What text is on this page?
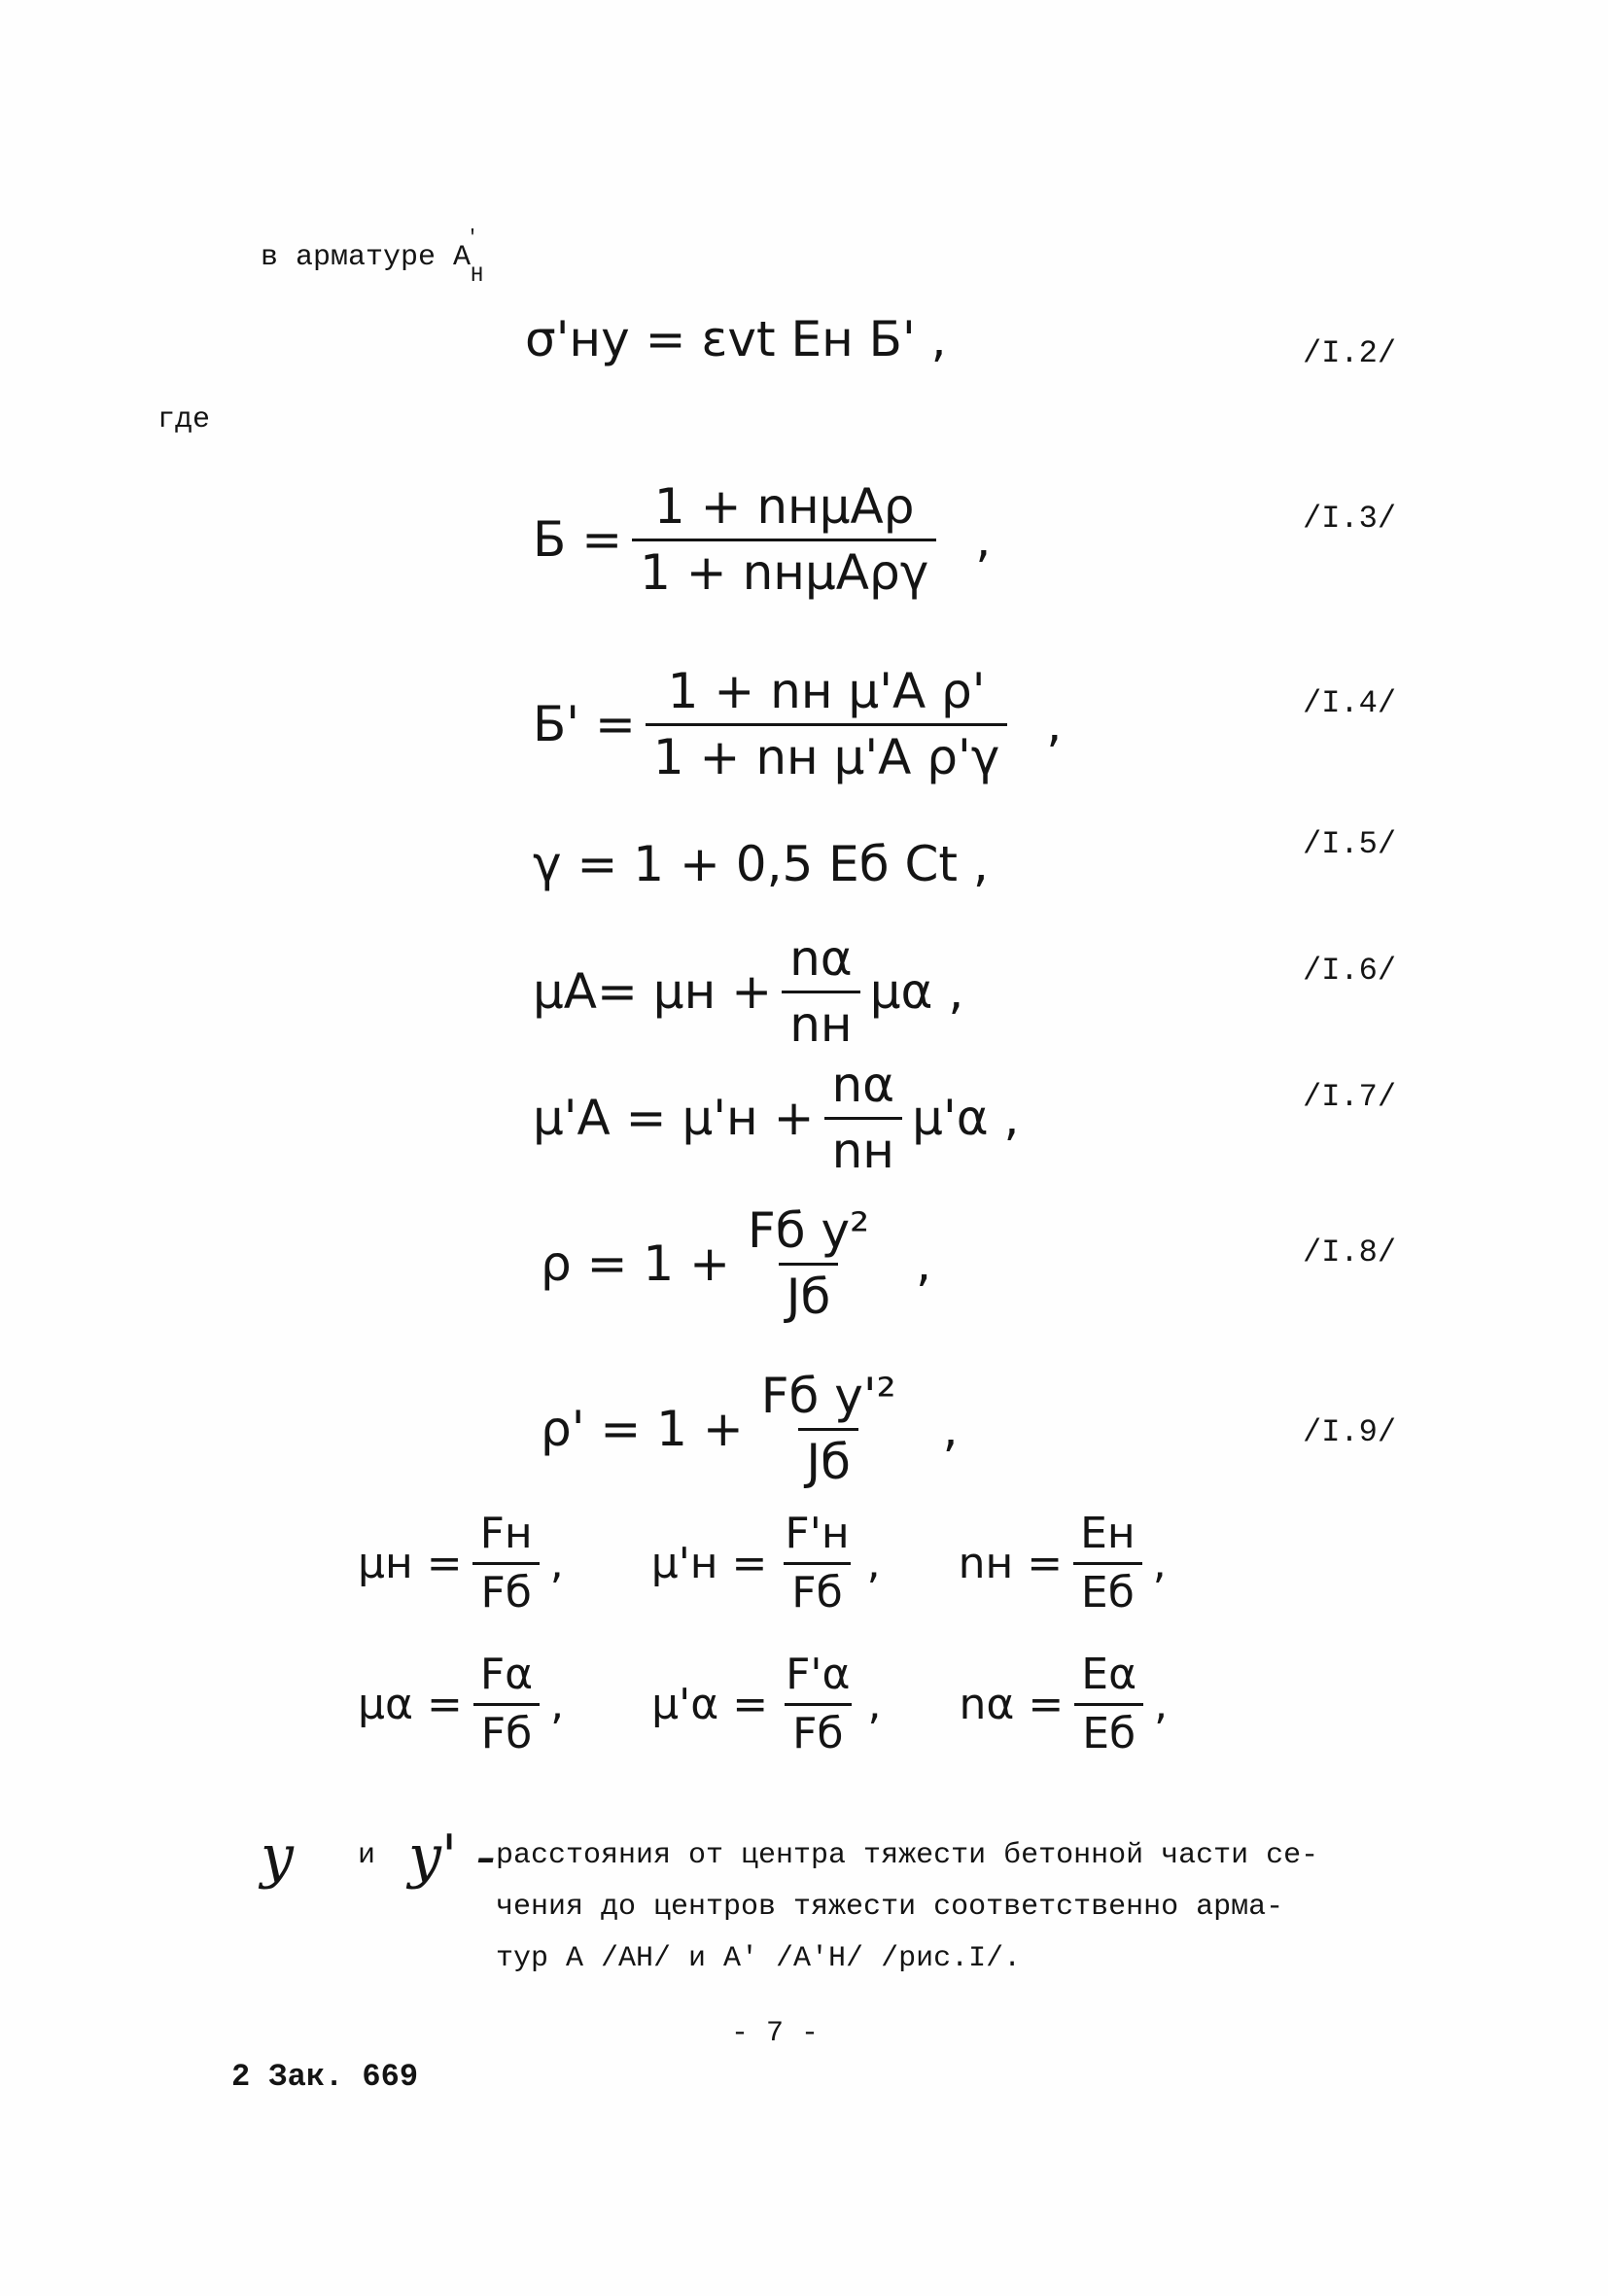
в арматуре A
'
$_Н$
σ'ну = εvt Eн Б' ,	/I.2/
где
$Б = \frac{\text{1 + nнμAρ}}{\text{1 + nнμAργ}}$ ,	/I.3/
$Б' = \frac{\text{1 + nн μ'A ρ'}}{\text{1 + nн μ'A ρ'γ}}$ ,	/I.4/
γ = 1 + 0,5 Eб Ct ,	/I.5/
$\mu A= \mu н + \frac{n\alpha}{nн}$ μα ,	/I.6/
$\mu'A = \mu'н + \frac{n\alpha}{nн} \mu'\alpha$ ,	/I.7/
$\rho = 1 + \frac{\text{Fб y²}}{Jб}$ ,	/I.8/
$\rho' = 1 + \frac{\text{Fб y'²}}{Jб}$ ,	/I.9/
$\mu н = \frac{Fн}{Fб}$ , $\mu'н = \frac{F'н}{Fб}$ , nн = $\frac{Eн}{Eб}$ ,
$\mu\alpha = \frac{F\alpha}{Fб}$ , $\mu'\alpha = \frac{F'\alpha}{Fб}$ , $n\alpha = \frac{E\alpha}{Eб}$ ,
y и y' - расстояния от центра тяжести бетонной части се-
чения до центров тяжести соответственно арма-
тур A /AН/ и A' /A'Н/ /рис.I/.
- 7 -
2 Зак. 669
